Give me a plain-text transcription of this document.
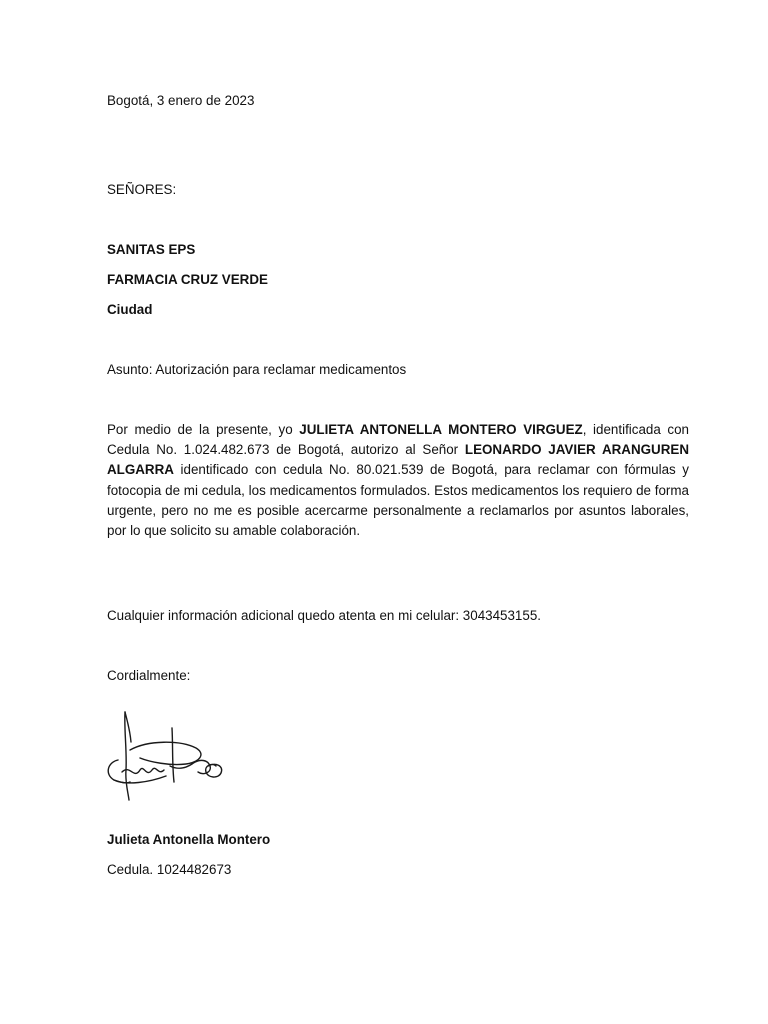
Bogotá, 3 enero de 2023
SEÑORES:
SANITAS EPS
FARMACIA CRUZ VERDE
Ciudad
Asunto: Autorización para reclamar medicamentos
Por medio de la presente, yo JULIETA ANTONELLA MONTERO VIRGUEZ, identificada con Cedula No. 1.024.482.673 de Bogotá, autorizo al Señor LEONARDO JAVIER ARANGUREN ALGARRA identificado con cedula No. 80.021.539 de Bogotá, para reclamar con fórmulas y fotocopia de mi cedula, los medicamentos formulados. Estos medicamentos los requiero de forma urgente, pero no me es posible acercarme personalmente a reclamarlos por asuntos laborales, por lo que solicito su amable colaboración.
Cualquier información adicional quedo atenta en mi celular: 3043453155.
Cordialmente:
Julieta Antonella Montero
Cedula. 1024482673
